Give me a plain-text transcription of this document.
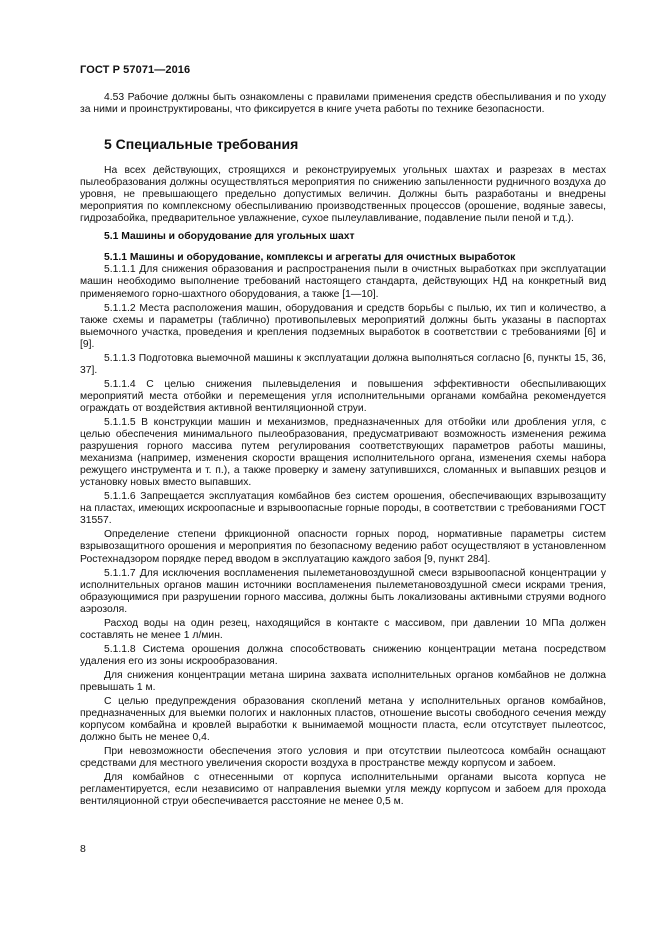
ГОСТ Р 57071—2016

4.53 Рабочие должны быть ознакомлены с правилами применения средств обеспыливания и по уходу за ними и проинструктированы, что фиксируется в книге учета работы по технике безопасности.

5 Специальные требования

На всех действующих, строящихся и реконструируемых угольных шахтах и разрезах в местах пылеобразования должны осуществляться мероприятия по снижению запыленности рудничного воздуха до уровня, не превышающего предельно допустимых величин. Должны быть разработаны и внедрены мероприятия по комплексному обеспыливанию производственных процессов (орошение, водяные завесы, гидрозабойка, предварительное увлажнение, сухое пылеулавливание, подавление пыли пеной и т.д.).

5.1 Машины и оборудование для угольных шахт
5.1.1 Машины и оборудование, комплексы и агрегаты для очистных выработок

5.1.1.1 Для снижения образования и распространения пыли в очистных выработках при эксплуатации машин необходимо выполнение требований настоящего стандарта, действующих НД на конкретный вид применяемого горно-шахтного оборудования, а также [1—10].

5.1.1.2 Места расположения машин, оборудования и средств борьбы с пылью, их тип и количество, а также схемы и параметры (таблично) противопылевых мероприятий должны быть указаны в паспортах выемочного участка, проведения и крепления подземных выработок в соответствии с требованиями [6] и [9].

5.1.1.3 Подготовка выемочной машины к эксплуатации должна выполняться согласно [6, пункты 15, 36, 37].

5.1.1.4 С целью снижения пылевыделения и повышения эффективности обеспыливающих мероприятий места отбойки и перемещения угля исполнительными органами комбайна рекомендуется ограждать от воздействия активной вентиляционной струи.

5.1.1.5 В конструкции машин и механизмов, предназначенных для отбойки или дробления угля, с целью обеспечения минимального пылеобразования, предусматривают возможность изменения режима разрушения горного массива путем регулирования соответствующих параметров работы машины, механизма (например, изменения скорости вращения исполнительного органа, изменения схемы набора режущего инструмента и т. п.), а также проверку и замену затупившихся, сломанных и выпавших резцов и установку новых вместо выпавших.

5.1.1.6 Запрещается эксплуатация комбайнов без систем орошения, обеспечивающих взрывозащиту на пластах, имеющих искроопасные и взрывоопасные горные породы, в соответствии с требованиями ГОСТ 31557.

Определение степени фрикционной опасности горных пород, нормативные параметры систем взрывозащитного орошения и мероприятия по безопасному ведению работ осуществляют в установленном Ростехнадзором порядке перед вводом в эксплуатацию каждого забоя [9, пункт 284].

5.1.1.7 Для исключения воспламенения пылеметановоздушной смеси взрывоопасной концентрации у исполнительных органов машин источники воспламенения пылеметановоздушной смеси искрами трения, образующимися при разрушении горного массива, должны быть локализованы активными струями водного аэрозоля.

Расход воды на один резец, находящийся в контакте с массивом, при давлении 10 МПа должен составлять не менее 1 л/мин.

5.1.1.8 Система орошения должна способствовать снижению концентрации метана посредством удаления его из зоны искрообразования.

Для снижения концентрации метана ширина захвата исполнительных органов комбайнов не должна превышать 1 м.

С целью предупреждения образования скоплений метана у исполнительных органов комбайнов, предназначенных для выемки пологих и наклонных пластов, отношение высоты свободного сечения между корпусом комбайна и кровлей выработки к вынимаемой мощности пласта, если отсутствует пылеотсос, должно быть не менее 0,4.

При невозможности обеспечения этого условия и при отсутствии пылеотсоса комбайн оснащают средствами для местного увеличения скорости воздуха в пространстве между корпусом и забоем.

Для комбайнов с отнесенными от корпуса исполнительными органами высота корпуса не регламентируется, если независимо от направления выемки угля между корпусом и забоем для прохода вентиляционной струи обеспечивается расстояние не менее 0,5 м.

8
